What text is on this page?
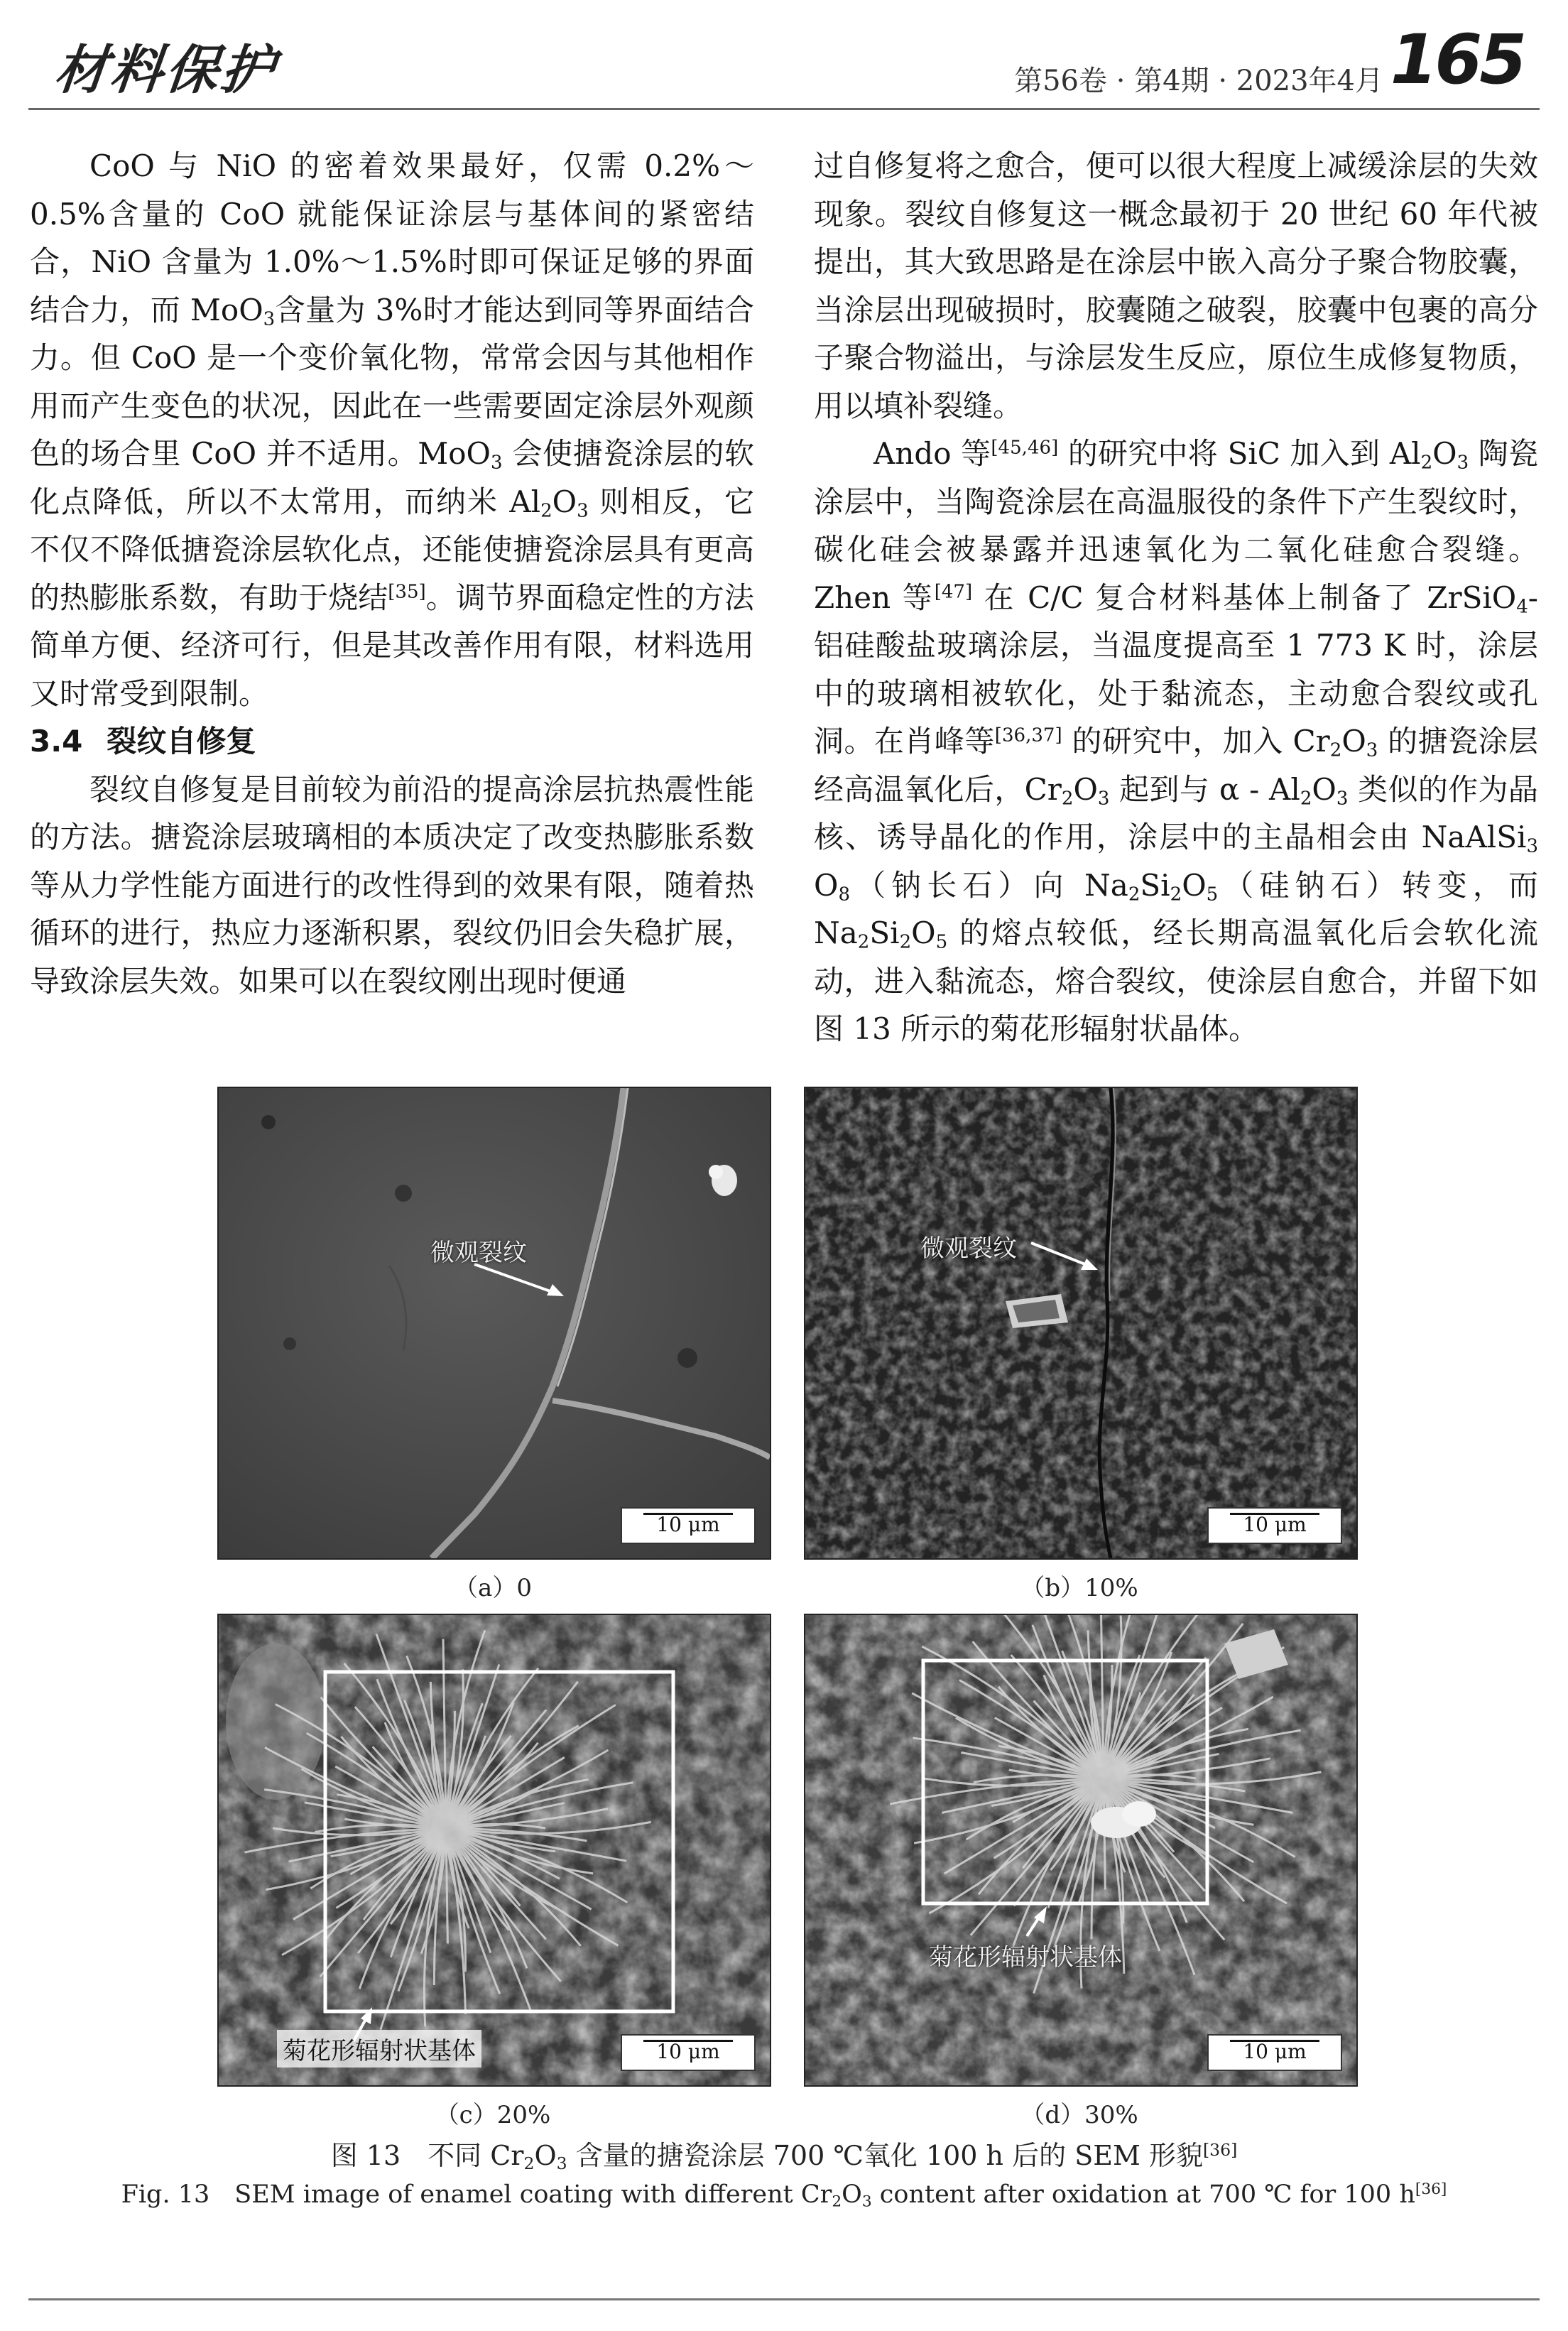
材料保护	第56卷 · 第4期 · 2023年4月 165

CoO 与 NiO 的密着效果最好，仅需 0.2%～0.5%含量的 CoO 就能保证涂层与基体间的紧密结合，NiO 含量为 1.0%～1.5%时即可保证足够的界面结合力，而 MoO$_3$含量为 3%时才能达到同等界面结合力。但 CoO 是一个变价氧化物，常常会因与其他相作用而产生变色的状况，因此在一些需要固定涂层外观颜色的场合里 CoO 并不适用。MoO$_3$ 会使搪瓷涂层的软化点降低，所以不太常用，而纳米 $Al_2O_3$ 则相反，它不仅不降低搪瓷涂层软化点，还能使搪瓷涂层具有更高的热膨胀系数，有助于烧结[35]。调节界面稳定性的方法简单方便、经济可行，但是其改善作用有限，材料选用又时常受到限制。

3.4 裂纹自修复

裂纹自修复是目前较为前沿的提高涂层抗热震性能的方法。搪瓷涂层玻璃相的本质决定了改变热膨胀系数等从力学性能方面进行的改性得到的效果有限，随着热循环的进行，热应力逐渐积累，裂纹仍旧会失稳扩展，导致涂层失效。如果可以在裂纹刚出现时便通

过自修复将之愈合，便可以很大程度上减缓涂层的失效现象。裂纹自修复这一概念最初于 20 世纪 60 年代被提出，其大致思路是在涂层中嵌入高分子聚合物胶囊，当涂层出现破损时，胶囊随之破裂，胶囊中包裹的高分子聚合物溢出，与涂层发生反应，原位生成修复物质，用以填补裂缝。

Ando 等[45,46] 的研究中将 SiC 加入到 $Al_2O_3$ 陶瓷涂层中，当陶瓷涂层在高温服役的条件下产生裂纹时，碳化硅会被暴露并迅速氧化为二氧化硅愈合裂缝。Zhen 等[47] 在 C/C 复合材料基体上制备了 ZrSiO$_4$- 铝硅酸盐玻璃涂层，当温度提高至 1 773 K 时，涂层中的玻璃相被软化，处于黏流态，主动愈合裂纹或孔洞。在肖峰等[36,37] 的研究中，加入 $Cr_2O_3$ 的搪瓷涂层经高温氧化后，$Cr_2O_3$ 起到与 α - $Al_2O_3$ 类似的作为晶核、诱导晶化的作用，涂层中的主晶相会由 NaAlSi$_3$ $O_8$（钠长石）向 $Na_2Si_2O_5$（硅钠石）转变，而 $Na_2Si_2O_5$ 的熔点较低，经长期高温氧化后会软化流动，进入黏流态，熔合裂纹，使涂层自愈合，并留下如图 13 所示的菊花形辐射状晶体。

微观裂纹
10 μm
微观裂纹
10 μm
菊花形辐射状基体	10 μm
菊花形辐射状基体
10 μm
（a）0	（b）10%
（c）20%	（d）30%
图 13　不同 $Cr_2O_3$ 含量的搪瓷涂层 700 ℃氧化 100 h 后的 SEM 形貌[36]
Fig. 13　SEM image of enamel coating with different $Cr_2O_3$ content after oxidation at 700 ℃ for 100 h[36]
